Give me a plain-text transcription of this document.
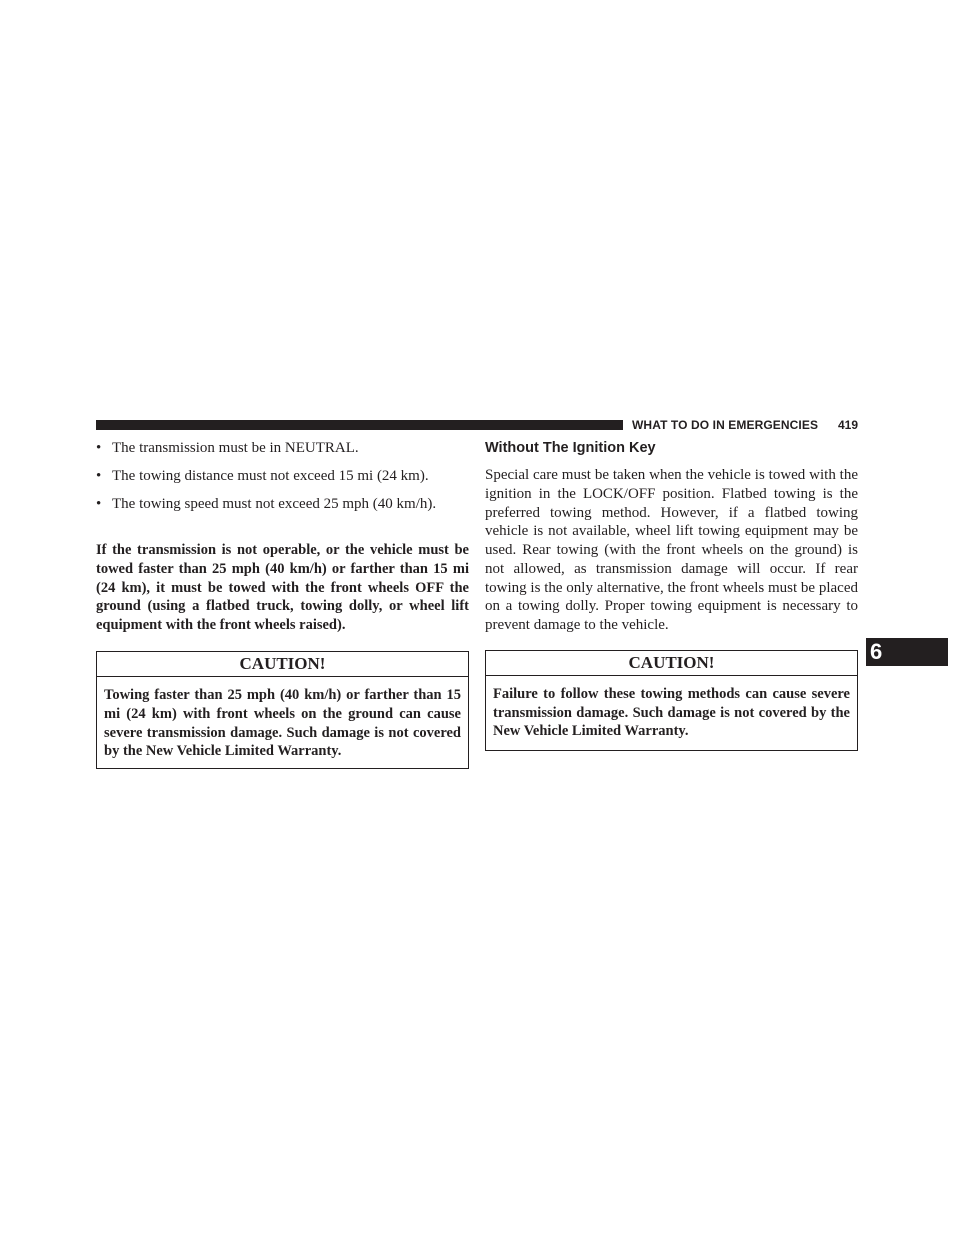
WHAT TO DO IN EMERGENCIES 419
• The transmission must be in NEUTRAL.
• The towing distance must not exceed 15 mi (24 km).
• The towing speed must not exceed 25 mph (40 km/h).

If the transmission is not operable, or the vehicle must be towed faster than 25 mph (40 km/h) or farther than 15 mi (24 km), it must be towed with the front wheels OFF the ground (using a flatbed truck, towing dolly, or wheel lift equipment with the front wheels raised).

CAUTION!
Towing faster than 25 mph (40 km/h) or farther than 15 mi (24 km) with front wheels on the ground can cause severe transmission damage. Such damage is not covered by the New Vehicle Limited Warranty.
Without The Ignition Key

Special care must be taken when the vehicle is towed with the ignition in the LOCK/OFF position. Flatbed towing is the preferred towing method. However, if a flatbed towing vehicle is not available, wheel lift towing equipment may be used. Rear towing (with the front wheels on the ground) is not allowed, as transmission damage will occur. If rear towing is the only alternative, the front wheels must be placed on a towing dolly. Proper towing equipment is necessary to prevent damage to the vehicle.

CAUTION!
Failure to follow these towing methods can cause severe transmission damage. Such damage is not covered by the New Vehicle Limited Warranty.
6
